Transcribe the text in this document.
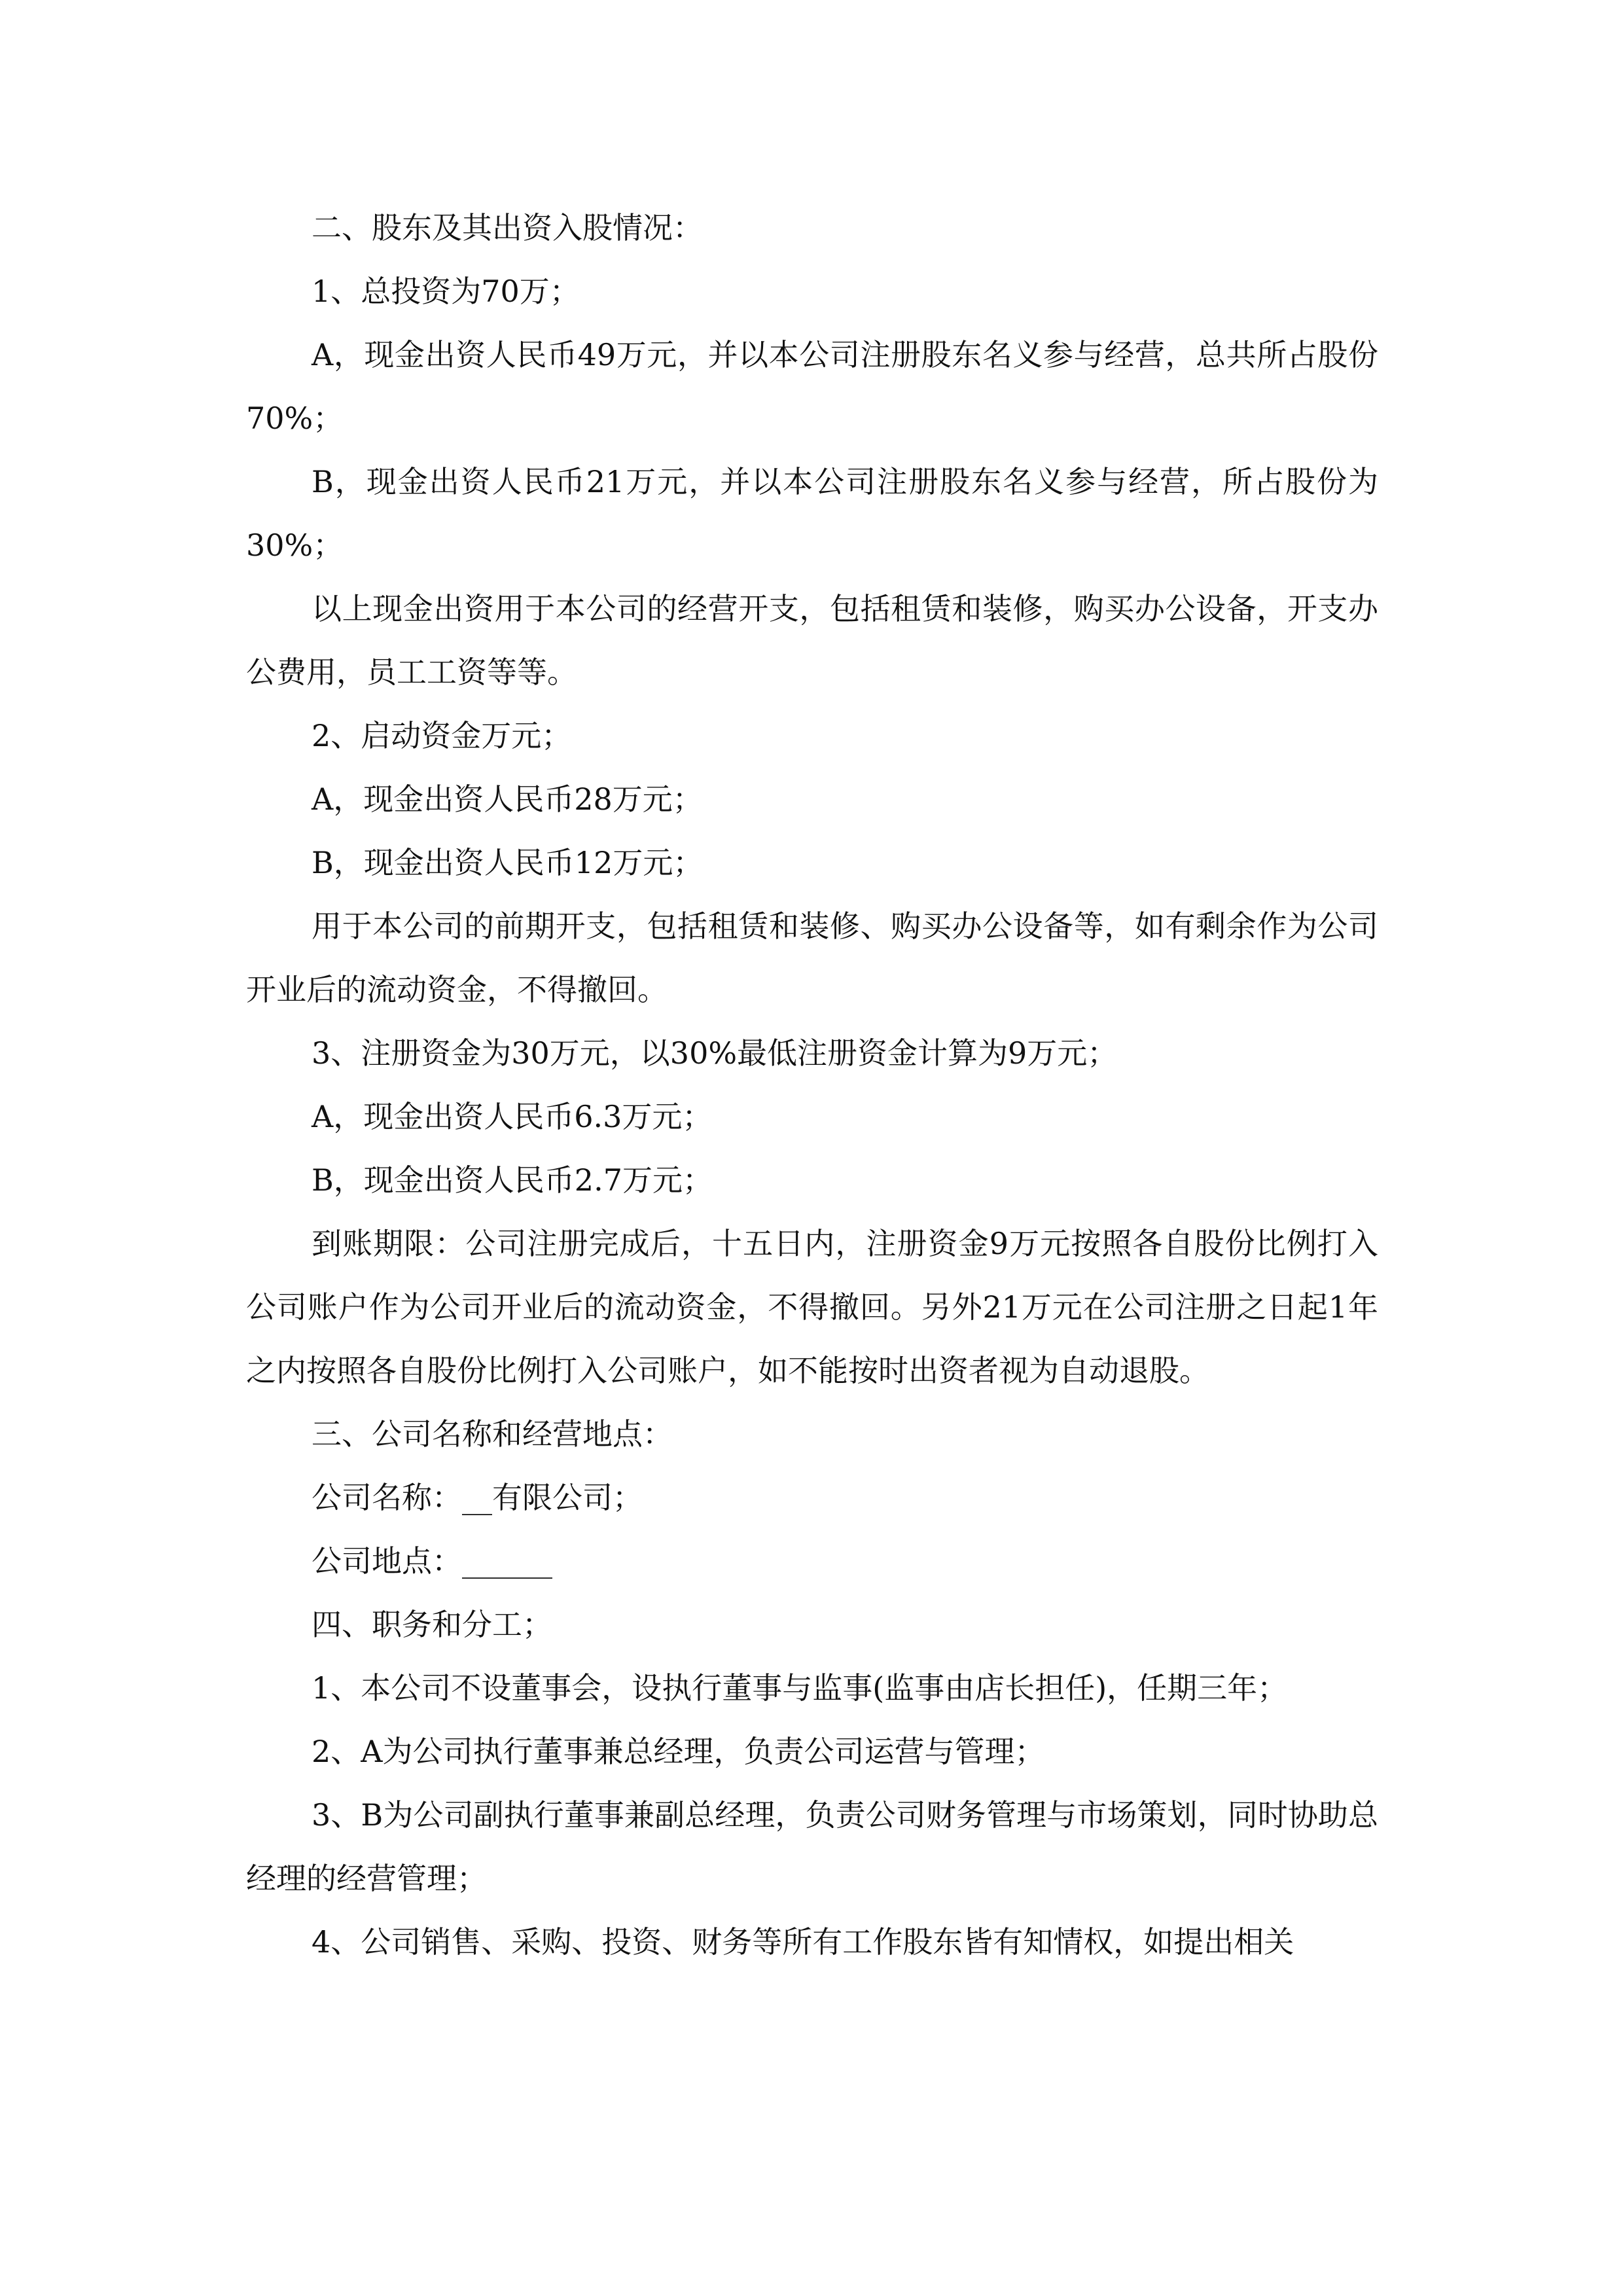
二、股东及其出资入股情况：

1、总投资为70万；

A，现金出资人民币49万元，并以本公司注册股东名义参与经营，总共所占股份70%；

B，现金出资人民币21万元，并以本公司注册股东名义参与经营，所占股份为30%；

以上现金出资用于本公司的经营开支，包括租赁和装修，购买办公设备，开支办公费用，员工工资等等。

2、启动资金万元；

A，现金出资人民币28万元；

B，现金出资人民币12万元；

用于本公司的前期开支，包括租赁和装修、购买办公设备等，如有剩余作为公司开业后的流动资金，不得撤回。

3、注册资金为30万元，以30%最低注册资金计算为9万元；

A，现金出资人民币6.3万元；

B，现金出资人民币2.7万元；

到账期限：公司注册完成后，十五日内，注册资金9万元按照各自股份比例打入公司账户作为公司开业后的流动资金，不得撤回。另外21万元在公司注册之日起1年之内按照各自股份比例打入公司账户，如不能按时出资者视为自动退股。

三、公司名称和经营地点：

公司名称：__有限公司；

公司地点：______

四、职务和分工；

1、本公司不设董事会，设执行董事与监事(监事由店长担任)，任期三年；

2、A为公司执行董事兼总经理，负责公司运营与管理；

3、B为公司副执行董事兼副总经理，负责公司财务管理与市场策划，同时协助总经理的经营管理；

4、公司销售、采购、投资、财务等所有工作股东皆有知情权，如提出相关
